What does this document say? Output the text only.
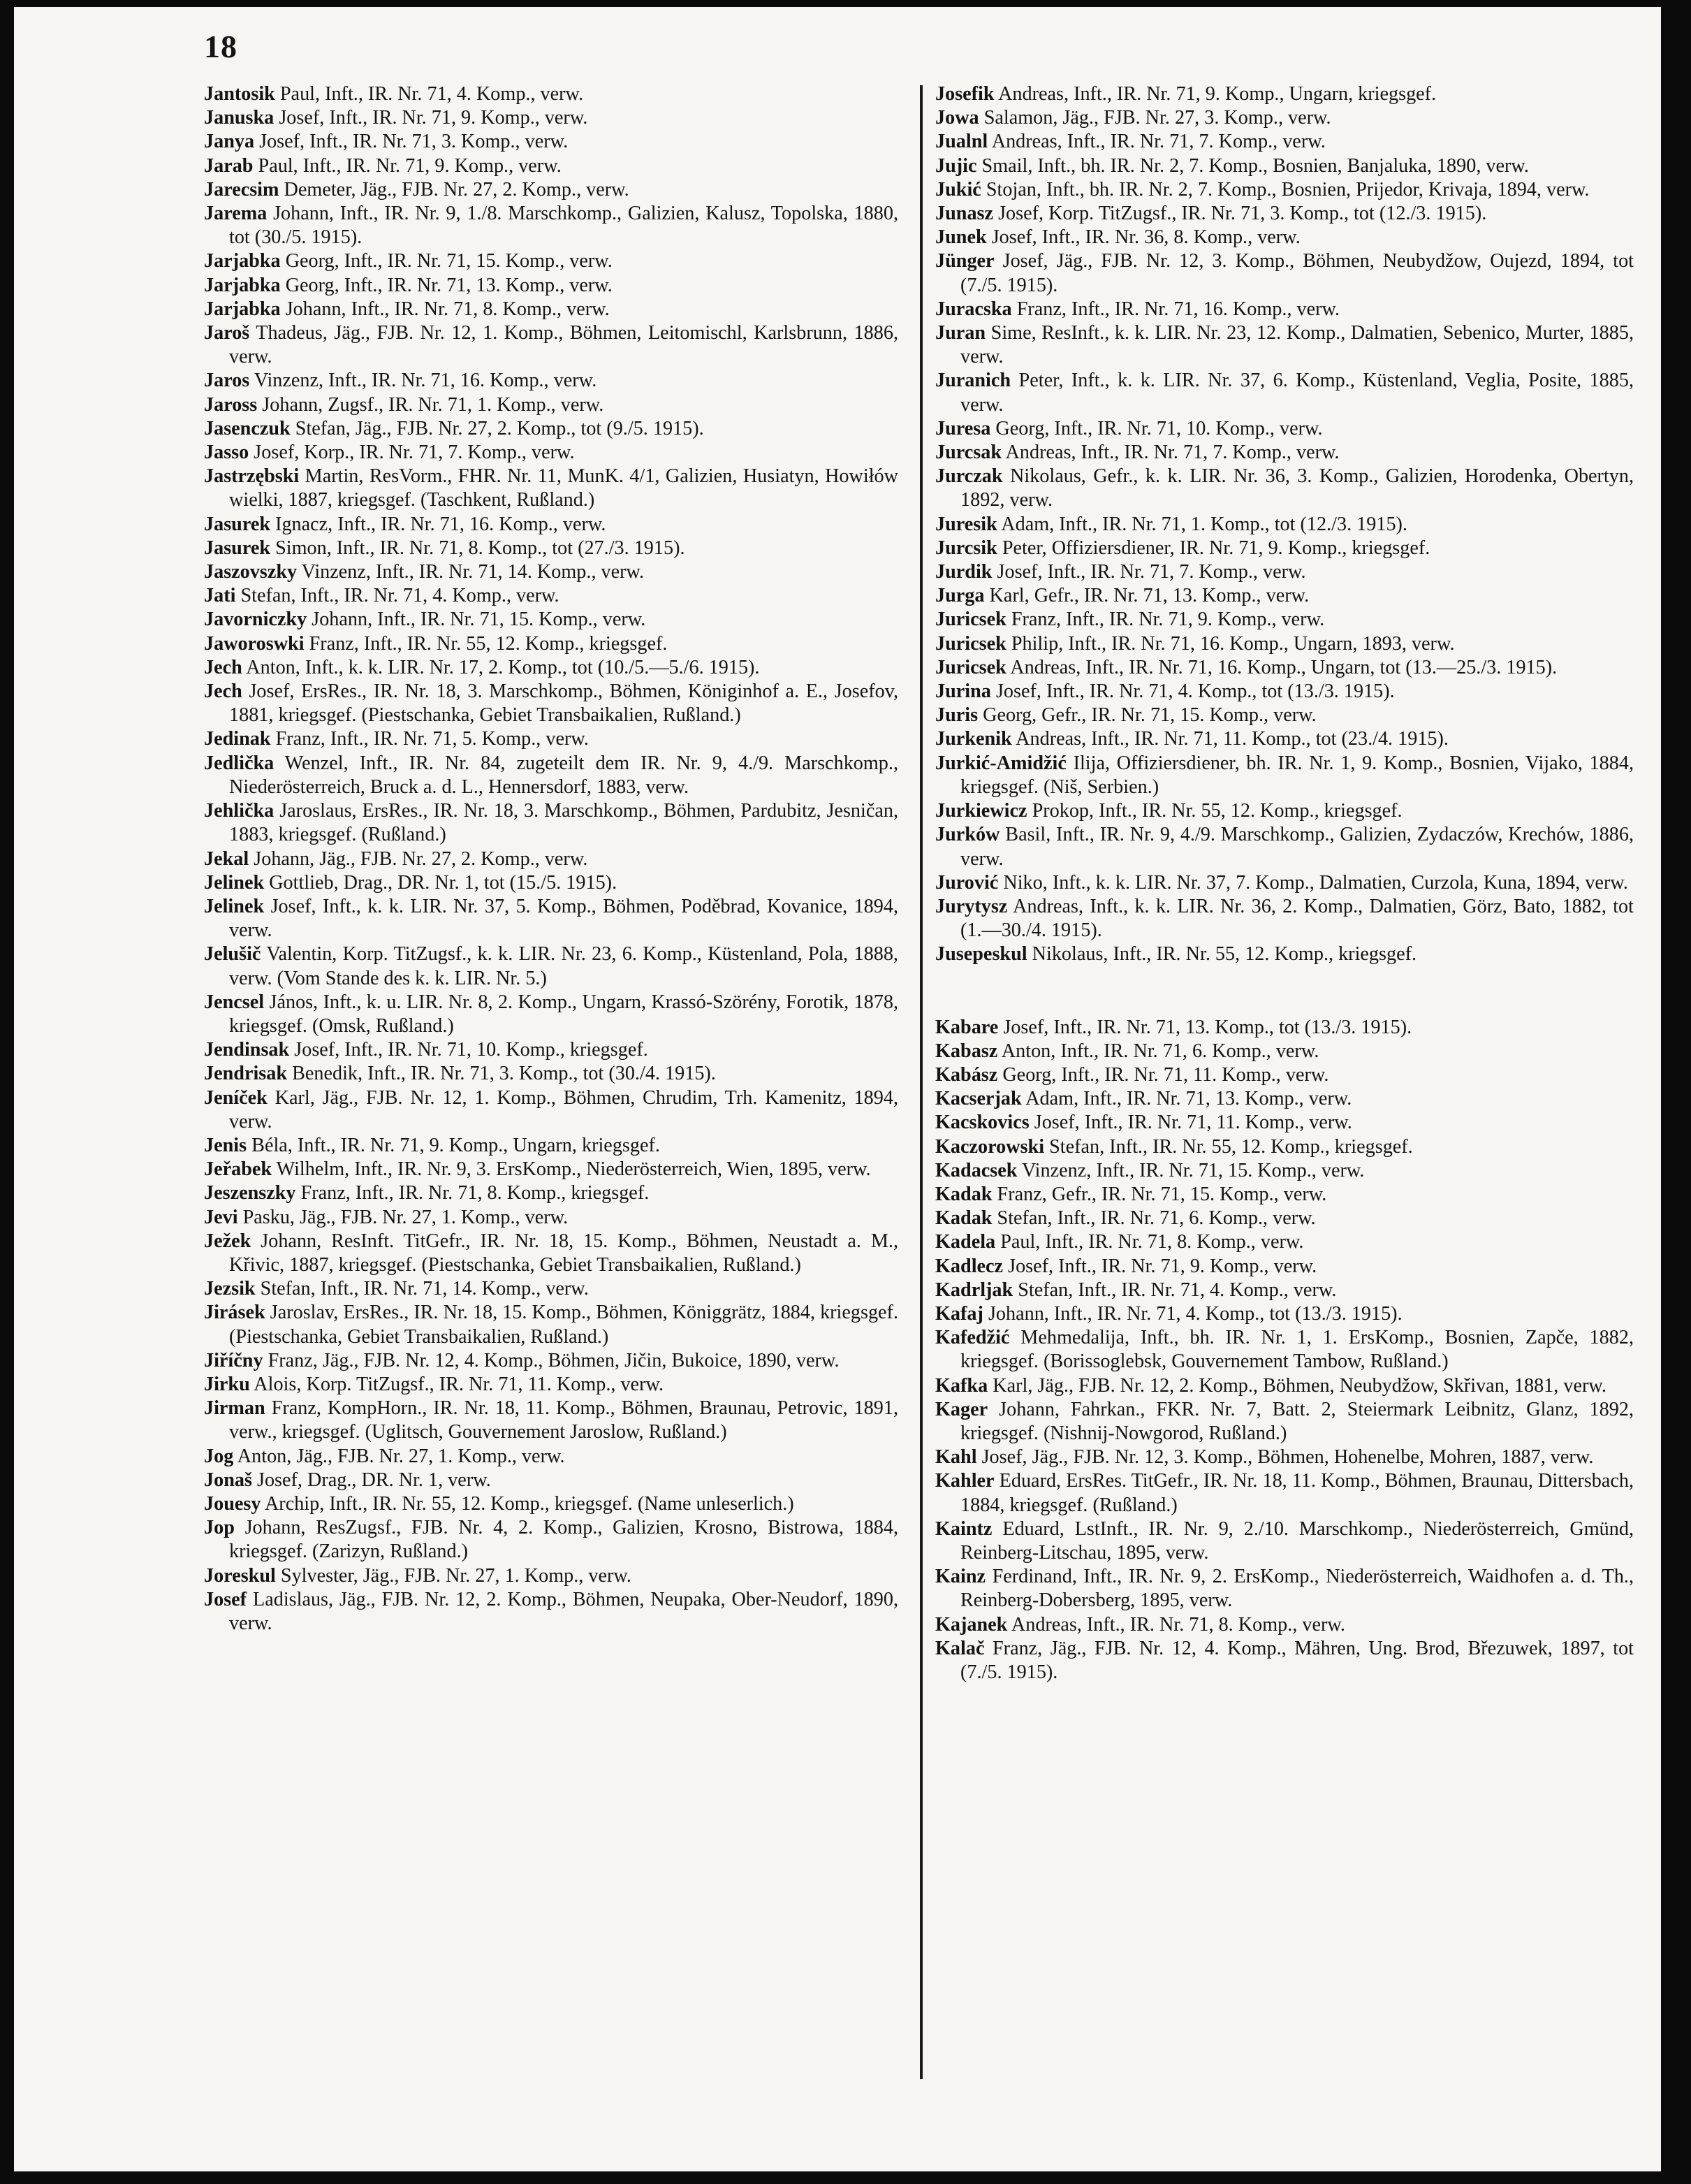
18

Jantosik Paul, Inft., IR. Nr. 71, 4. Komp., verw.

Januska Josef, Inft., IR. Nr. 71, 9. Komp., verw.

Janya Josef, Inft., IR. Nr. 71, 3. Komp., verw.

Jarab Paul, Inft., IR. Nr. 71, 9. Komp., verw.

Jarecsim Demeter, Jäg., FJB. Nr. 27, 2. Komp., verw.

Jarema Johann, Inft., IR. Nr. 9, 1./8. Marschkomp., Galizien, Kalusz, Topolska, 1880, tot (30./5. 1915).

Jarjabka Georg, Inft., IR. Nr. 71, 15. Komp., verw.

Jarjabka Georg, Inft., IR. Nr. 71, 13. Komp., verw.

Jarjabka Johann, Inft., IR. Nr. 71, 8. Komp., verw.

Jaroš Thadeus, Jäg., FJB. Nr. 12, 1. Komp., Böhmen, Leitomischl, Karlsbrunn, 1886, verw.

Jaros Vinzenz, Inft., IR. Nr. 71, 16. Komp., verw.

Jaross Johann, Zugsf., IR. Nr. 71, 1. Komp., verw.

Jasenczuk Stefan, Jäg., FJB. Nr. 27, 2. Komp., tot (9./5. 1915).

Jasso Josef, Korp., IR. Nr. 71, 7. Komp., verw.

Jastrzębski Martin, ResVorm., FHR. Nr. 11, MunK. 4/1, Galizien, Husiatyn, Howiłów wielki, 1887, kriegsgef. (Taschkent, Rußland.)

Jasurek Ignacz, Inft., IR. Nr. 71, 16. Komp., verw.

Jasurek Simon, Inft., IR. Nr. 71, 8. Komp., tot (27./3. 1915).

Jaszovszky Vinzenz, Inft., IR. Nr. 71, 14. Komp., verw.

Jati Stefan, Inft., IR. Nr. 71, 4. Komp., verw.

Javorniczky Johann, Inft., IR. Nr. 71, 15. Komp., verw.

Jaworoswki Franz, Inft., IR. Nr. 55, 12. Komp., kriegsgef.

Jech Anton, Inft., k. k. LIR. Nr. 17, 2. Komp., tot (10./5.—5./6. 1915).

Jech Josef, ErsRes., IR. Nr. 18, 3. Marschkomp., Böhmen, Königinhof a. E., Josefov, 1881, kriegsgef. (Piestschanka, Gebiet Transbaikalien, Rußland.)

Jedinak Franz, Inft., IR. Nr. 71, 5. Komp., verw.

Jedlička Wenzel, Inft., IR. Nr. 84, zugeteilt dem IR. Nr. 9, 4./9. Marschkomp., Niederösterreich, Bruck a. d. L., Hennersdorf, 1883, verw.

Jehlička Jaroslaus, ErsRes., IR. Nr. 18, 3. Marschkomp., Böhmen, Pardubitz, Jesničan, 1883, kriegsgef. (Rußland.)

Jekal Johann, Jäg., FJB. Nr. 27, 2. Komp., verw.

Jelinek Gottlieb, Drag., DR. Nr. 1, tot (15./5. 1915).

Jelinek Josef, Inft., k. k. LIR. Nr. 37, 5. Komp., Böhmen, Poděbrad, Kovanice, 1894, verw.

Jelušič Valentin, Korp. TitZugsf., k. k. LIR. Nr. 23, 6. Komp., Küstenland, Pola, 1888, verw. (Vom Stande des k. k. LIR. Nr. 5.)

Jencsel János, Inft., k. u. LIR. Nr. 8, 2. Komp., Ungarn, Krassó-Szörény, Forotik, 1878, kriegsgef. (Omsk, Rußland.)

Jendinsak Josef, Inft., IR. Nr. 71, 10. Komp., kriegsgef.

Jendrisak Benedik, Inft., IR. Nr. 71, 3. Komp., tot (30./4. 1915).

Jeníček Karl, Jäg., FJB. Nr. 12, 1. Komp., Böhmen, Chrudim, Trh. Kamenitz, 1894, verw.

Jenis Béla, Inft., IR. Nr. 71, 9. Komp., Ungarn, kriegsgef.

Jeřabek Wilhelm, Inft., IR. Nr. 9, 3. ErsKomp., Niederösterreich, Wien, 1895, verw.

Jeszenszky Franz, Inft., IR. Nr. 71, 8. Komp., kriegsgef.

Jevi Pasku, Jäg., FJB. Nr. 27, 1. Komp., verw.

Ježek Johann, ResInft. TitGefr., IR. Nr. 18, 15. Komp., Böhmen, Neustadt a. M., Křivic, 1887, kriegsgef. (Piestschanka, Gebiet Transbaikalien, Rußland.)

Jezsik Stefan, Inft., IR. Nr. 71, 14. Komp., verw.

Jirásek Jaroslav, ErsRes., IR. Nr. 18, 15. Komp., Böhmen, Königgrätz, 1884, kriegsgef. (Piestschanka, Gebiet Transbaikalien, Rußland.)

Jiříčny Franz, Jäg., FJB. Nr. 12, 4. Komp., Böhmen, Jičin, Bukoice, 1890, verw.

Jirku Alois, Korp. TitZugsf., IR. Nr. 71, 11. Komp., verw.

Jirman Franz, KompHorn., IR. Nr. 18, 11. Komp., Böhmen, Braunau, Petrovic, 1891, verw., kriegsgef. (Uglitsch, Gouvernement Jaroslow, Rußland.)

Jog Anton, Jäg., FJB. Nr. 27, 1. Komp., verw.

Jonaš Josef, Drag., DR. Nr. 1, verw.

Jouesy Archip, Inft., IR. Nr. 55, 12. Komp., kriegsgef. (Name unleserlich.)

Jop Johann, ResZugsf., FJB. Nr. 4, 2. Komp., Galizien, Krosno, Bistrowa, 1884, kriegsgef. (Zarizyn, Rußland.)

Joreskul Sylvester, Jäg., FJB. Nr. 27, 1. Komp., verw.

Josef Ladislaus, Jäg., FJB. Nr. 12, 2. Komp., Böhmen, Neupaka, Ober-Neudorf, 1890, verw.

Josefik Andreas, Inft., IR. Nr. 71, 9. Komp., Ungarn, kriegsgef.

Jowa Salamon, Jäg., FJB. Nr. 27, 3. Komp., verw.

Jualnl Andreas, Inft., IR. Nr. 71, 7. Komp., verw.

Jujic Smail, Inft., bh. IR. Nr. 2, 7. Komp., Bosnien, Banjaluka, 1890, verw.

Jukić Stojan, Inft., bh. IR. Nr. 2, 7. Komp., Bosnien, Prijedor, Krivaja, 1894, verw.

Junasz Josef, Korp. TitZugsf., IR. Nr. 71, 3. Komp., tot (12./3. 1915).

Junek Josef, Inft., IR. Nr. 36, 8. Komp., verw.

Jünger Josef, Jäg., FJB. Nr. 12, 3. Komp., Böhmen, Neubydžow, Oujezd, 1894, tot (7./5. 1915).

Juracska Franz, Inft., IR. Nr. 71, 16. Komp., verw.

Juran Sime, ResInft., k. k. LIR. Nr. 23, 12. Komp., Dalmatien, Sebenico, Murter, 1885, verw.

Juranich Peter, Inft., k. k. LIR. Nr. 37, 6. Komp., Küstenland, Veglia, Posite, 1885, verw.

Juresa Georg, Inft., IR. Nr. 71, 10. Komp., verw.

Jurcsak Andreas, Inft., IR. Nr. 71, 7. Komp., verw.

Jurczak Nikolaus, Gefr., k. k. LIR. Nr. 36, 3. Komp., Galizien, Horodenka, Obertyn, 1892, verw.

Juresik Adam, Inft., IR. Nr. 71, 1. Komp., tot (12./3. 1915).

Jurcsik Peter, Offiziersdiener, IR. Nr. 71, 9. Komp., kriegsgef.

Jurdik Josef, Inft., IR. Nr. 71, 7. Komp., verw.

Jurga Karl, Gefr., IR. Nr. 71, 13. Komp., verw.

Juricsek Franz, Inft., IR. Nr. 71, 9. Komp., verw.

Juricsek Philip, Inft., IR. Nr. 71, 16. Komp., Ungarn, 1893, verw.

Juricsek Andreas, Inft., IR. Nr. 71, 16. Komp., Ungarn, tot (13.—25./3. 1915).

Jurina Josef, Inft., IR. Nr. 71, 4. Komp., tot (13./3. 1915).

Juris Georg, Gefr., IR. Nr. 71, 15. Komp., verw.

Jurkenik Andreas, Inft., IR. Nr. 71, 11. Komp., tot (23./4. 1915).

Jurkić-Amidžić Ilija, Offiziersdiener, bh. IR. Nr. 1, 9. Komp., Bosnien, Vijako, 1884, kriegsgef. (Niš, Serbien.)

Jurkiewicz Prokop, Inft., IR. Nr. 55, 12. Komp., kriegsgef.

Jurków Basil, Inft., IR. Nr. 9, 4./9. Marschkomp., Galizien, Zydaczów, Krechów, 1886, verw.

Jurović Niko, Inft., k. k. LIR. Nr. 37, 7. Komp., Dalmatien, Curzola, Kuna, 1894, verw.

Jurytysz Andreas, Inft., k. k. LIR. Nr. 36, 2. Komp., Dalmatien, Görz, Bato, 1882, tot (1.—30./4. 1915).

Jusepeskul Nikolaus, Inft., IR. Nr. 55, 12. Komp., kriegsgef.

Kabare Josef, Inft., IR. Nr. 71, 13. Komp., tot (13./3. 1915).

Kabasz Anton, Inft., IR. Nr. 71, 6. Komp., verw.

Kabász Georg, Inft., IR. Nr. 71, 11. Komp., verw.

Kacserjak Adam, Inft., IR. Nr. 71, 13. Komp., verw.

Kacskovics Josef, Inft., IR. Nr. 71, 11. Komp., verw.

Kaczorowski Stefan, Inft., IR. Nr. 55, 12. Komp., kriegsgef.

Kadacsek Vinzenz, Inft., IR. Nr. 71, 15. Komp., verw.

Kadak Franz, Gefr., IR. Nr. 71, 15. Komp., verw.

Kadak Stefan, Inft., IR. Nr. 71, 6. Komp., verw.

Kadela Paul, Inft., IR. Nr. 71, 8. Komp., verw.

Kadlecz Josef, Inft., IR. Nr. 71, 9. Komp., verw.

Kadrljak Stefan, Inft., IR. Nr. 71, 4. Komp., verw.

Kafaj Johann, Inft., IR. Nr. 71, 4. Komp., tot (13./3. 1915).

Kafedžić Mehmedalija, Inft., bh. IR. Nr. 1, 1. ErsKomp., Bosnien, Zapče, 1882, kriegsgef. (Borissoglebsk, Gouvernement Tambow, Rußland.)

Kafka Karl, Jäg., FJB. Nr. 12, 2. Komp., Böhmen, Neubydžow, Skřivan, 1881, verw.

Kager Johann, Fahrkan., FKR. Nr. 7, Batt. 2, Steiermark Leibnitz, Glanz, 1892, kriegsgef. (Nishnij-Nowgorod, Rußland.)

Kahl Josef, Jäg., FJB. Nr. 12, 3. Komp., Böhmen, Hohenelbe, Mohren, 1887, verw.

Kahler Eduard, ErsRes. TitGefr., IR. Nr. 18, 11. Komp., Böhmen, Braunau, Dittersbach, 1884, kriegsgef. (Rußland.)

Kaintz Eduard, LstInft., IR. Nr. 9, 2./10. Marschkomp., Niederösterreich, Gmünd, Reinberg-Litschau, 1895, verw.

Kainz Ferdinand, Inft., IR. Nr. 9, 2. ErsKomp., Niederösterreich, Waidhofen a. d. Th., Reinberg-Dobersberg, 1895, verw.

Kajanek Andreas, Inft., IR. Nr. 71, 8. Komp., verw.

Kalač Franz, Jäg., FJB. Nr. 12, 4. Komp., Mähren, Ung. Brod, Březuwek, 1897, tot (7./5. 1915).
